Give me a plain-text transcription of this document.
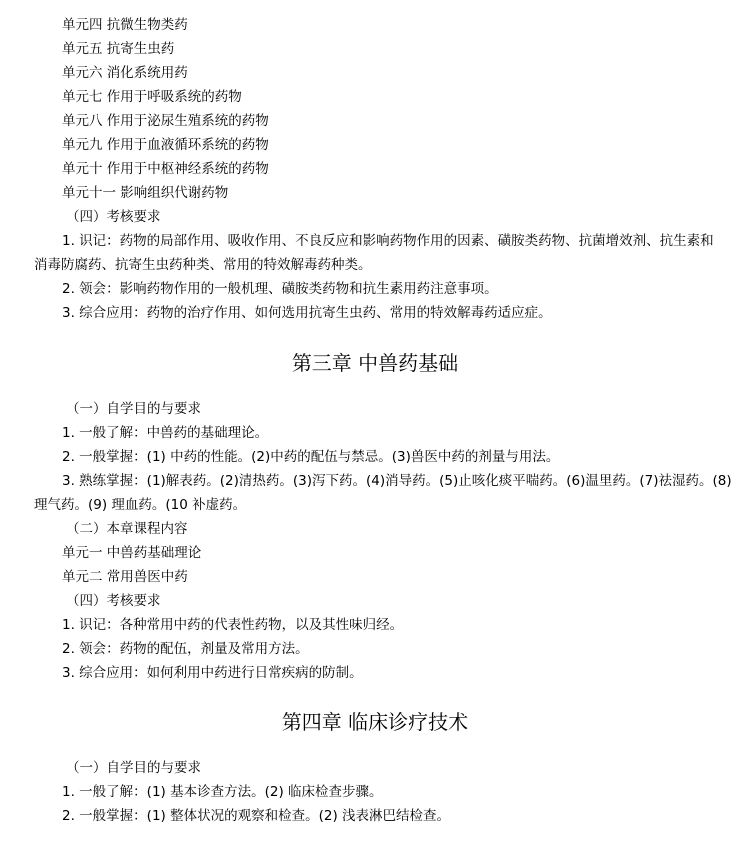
单元四 抗微生物类药
单元五 抗寄生虫药
单元六 消化系统用药
单元七 作用于呼吸系统的药物
单元八 作用于泌尿生殖系统的药物
单元九 作用于血液循环系统的药物
单元十 作用于中枢神经系统的药物
单元十一 影响组织代谢药物
（四）考核要求
1. 识记：药物的局部作用、吸收作用、不良反应和影响药物作用的因素、磺胺类药物、抗菌增效剂、抗生素和
消毒防腐药、抗寄生虫药种类、常用的特效解毒药种类。
2. 领会：影响药物作用的一般机理、磺胺类药物和抗生素用药注意事项。
3. 综合应用：药物的治疗作用、如何选用抗寄生虫药、常用的特效解毒药适应症。
第三章 中兽药基础
（一）自学目的与要求
1. 一般了解：中兽药的基础理论。
2. 一般掌握：(1) 中药的性能。(2)中药的配伍与禁忌。(3)兽医中药的剂量与用法。
3. 熟练掌握：(1)解表药。(2)清热药。(3)泻下药。(4)消导药。(5)止咳化痰平喘药。(6)温里药。(7)祛湿药。(8)
理气药。(9) 理血药。(10 补虚药。
（二）本章课程内容
单元一 中兽药基础理论
单元二 常用兽医中药
（四）考核要求
1. 识记：各种常用中药的代表性药物，以及其性味归经。
2. 领会：药物的配伍，剂量及常用方法。
3. 综合应用：如何利用中药进行日常疾病的防制。
第四章 临床诊疗技术
（一）自学目的与要求
1. 一般了解：(1) 基本诊查方法。(2) 临床检查步骤。
2. 一般掌握：(1) 整体状况的观察和检查。(2) 浅表淋巴结检查。
